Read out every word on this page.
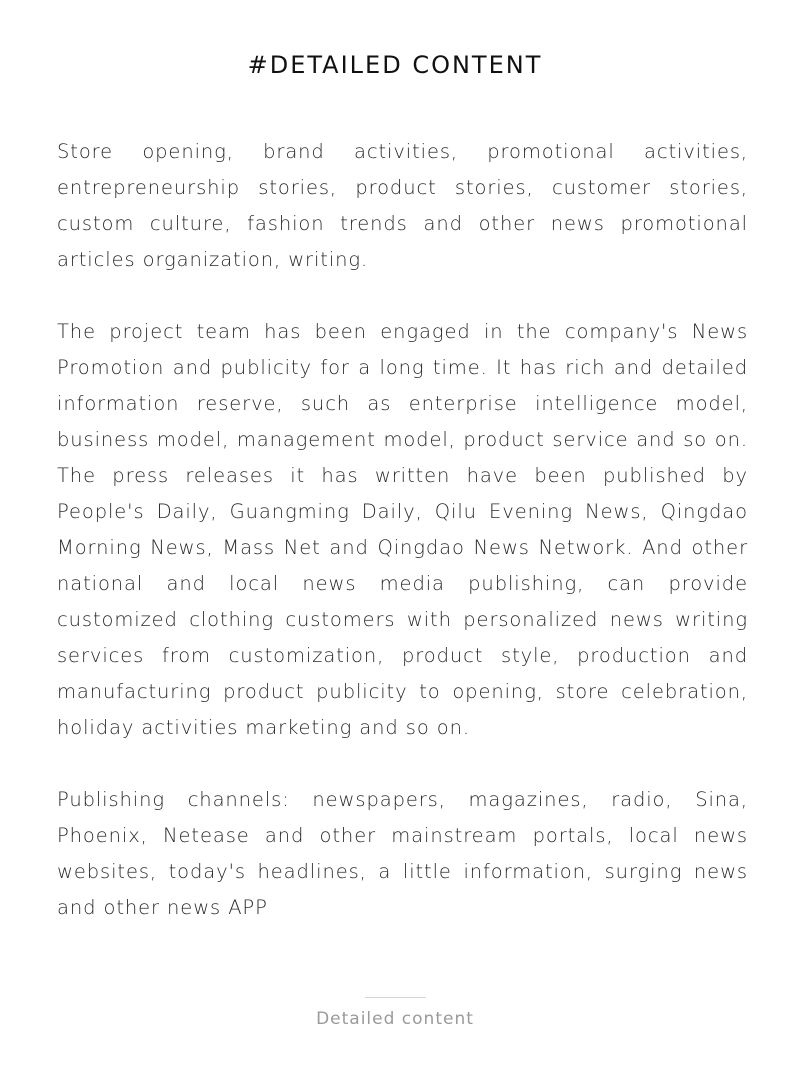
#DETAILED CONTENT

Store opening, brand activities, promotional activities, entrepreneurship stories, product stories, customer stories, custom culture, fashion trends and other news promotional articles organization, writing.

The project team has been engaged in the company's News Promotion and publicity for a long time. It has rich and detailed information reserve, such as enterprise intelligence model, business model, management model, product service and so on. The press releases it has written have been published by People's Daily, Guangming Daily, Qilu Evening News, Qingdao Morning News, Mass Net and Qingdao News Network. And other national and local news media publishing, can provide customized clothing customers with personalized news writing services from customization, product style, production and manufacturing product publicity to opening, store celebration, holiday activities marketing and so on.

Publishing channels: newspapers, magazines, radio, Sina, Phoenix, Netease and other mainstream portals, local news websites, today's headlines, a little information, surging news and other news APP

Detailed content
